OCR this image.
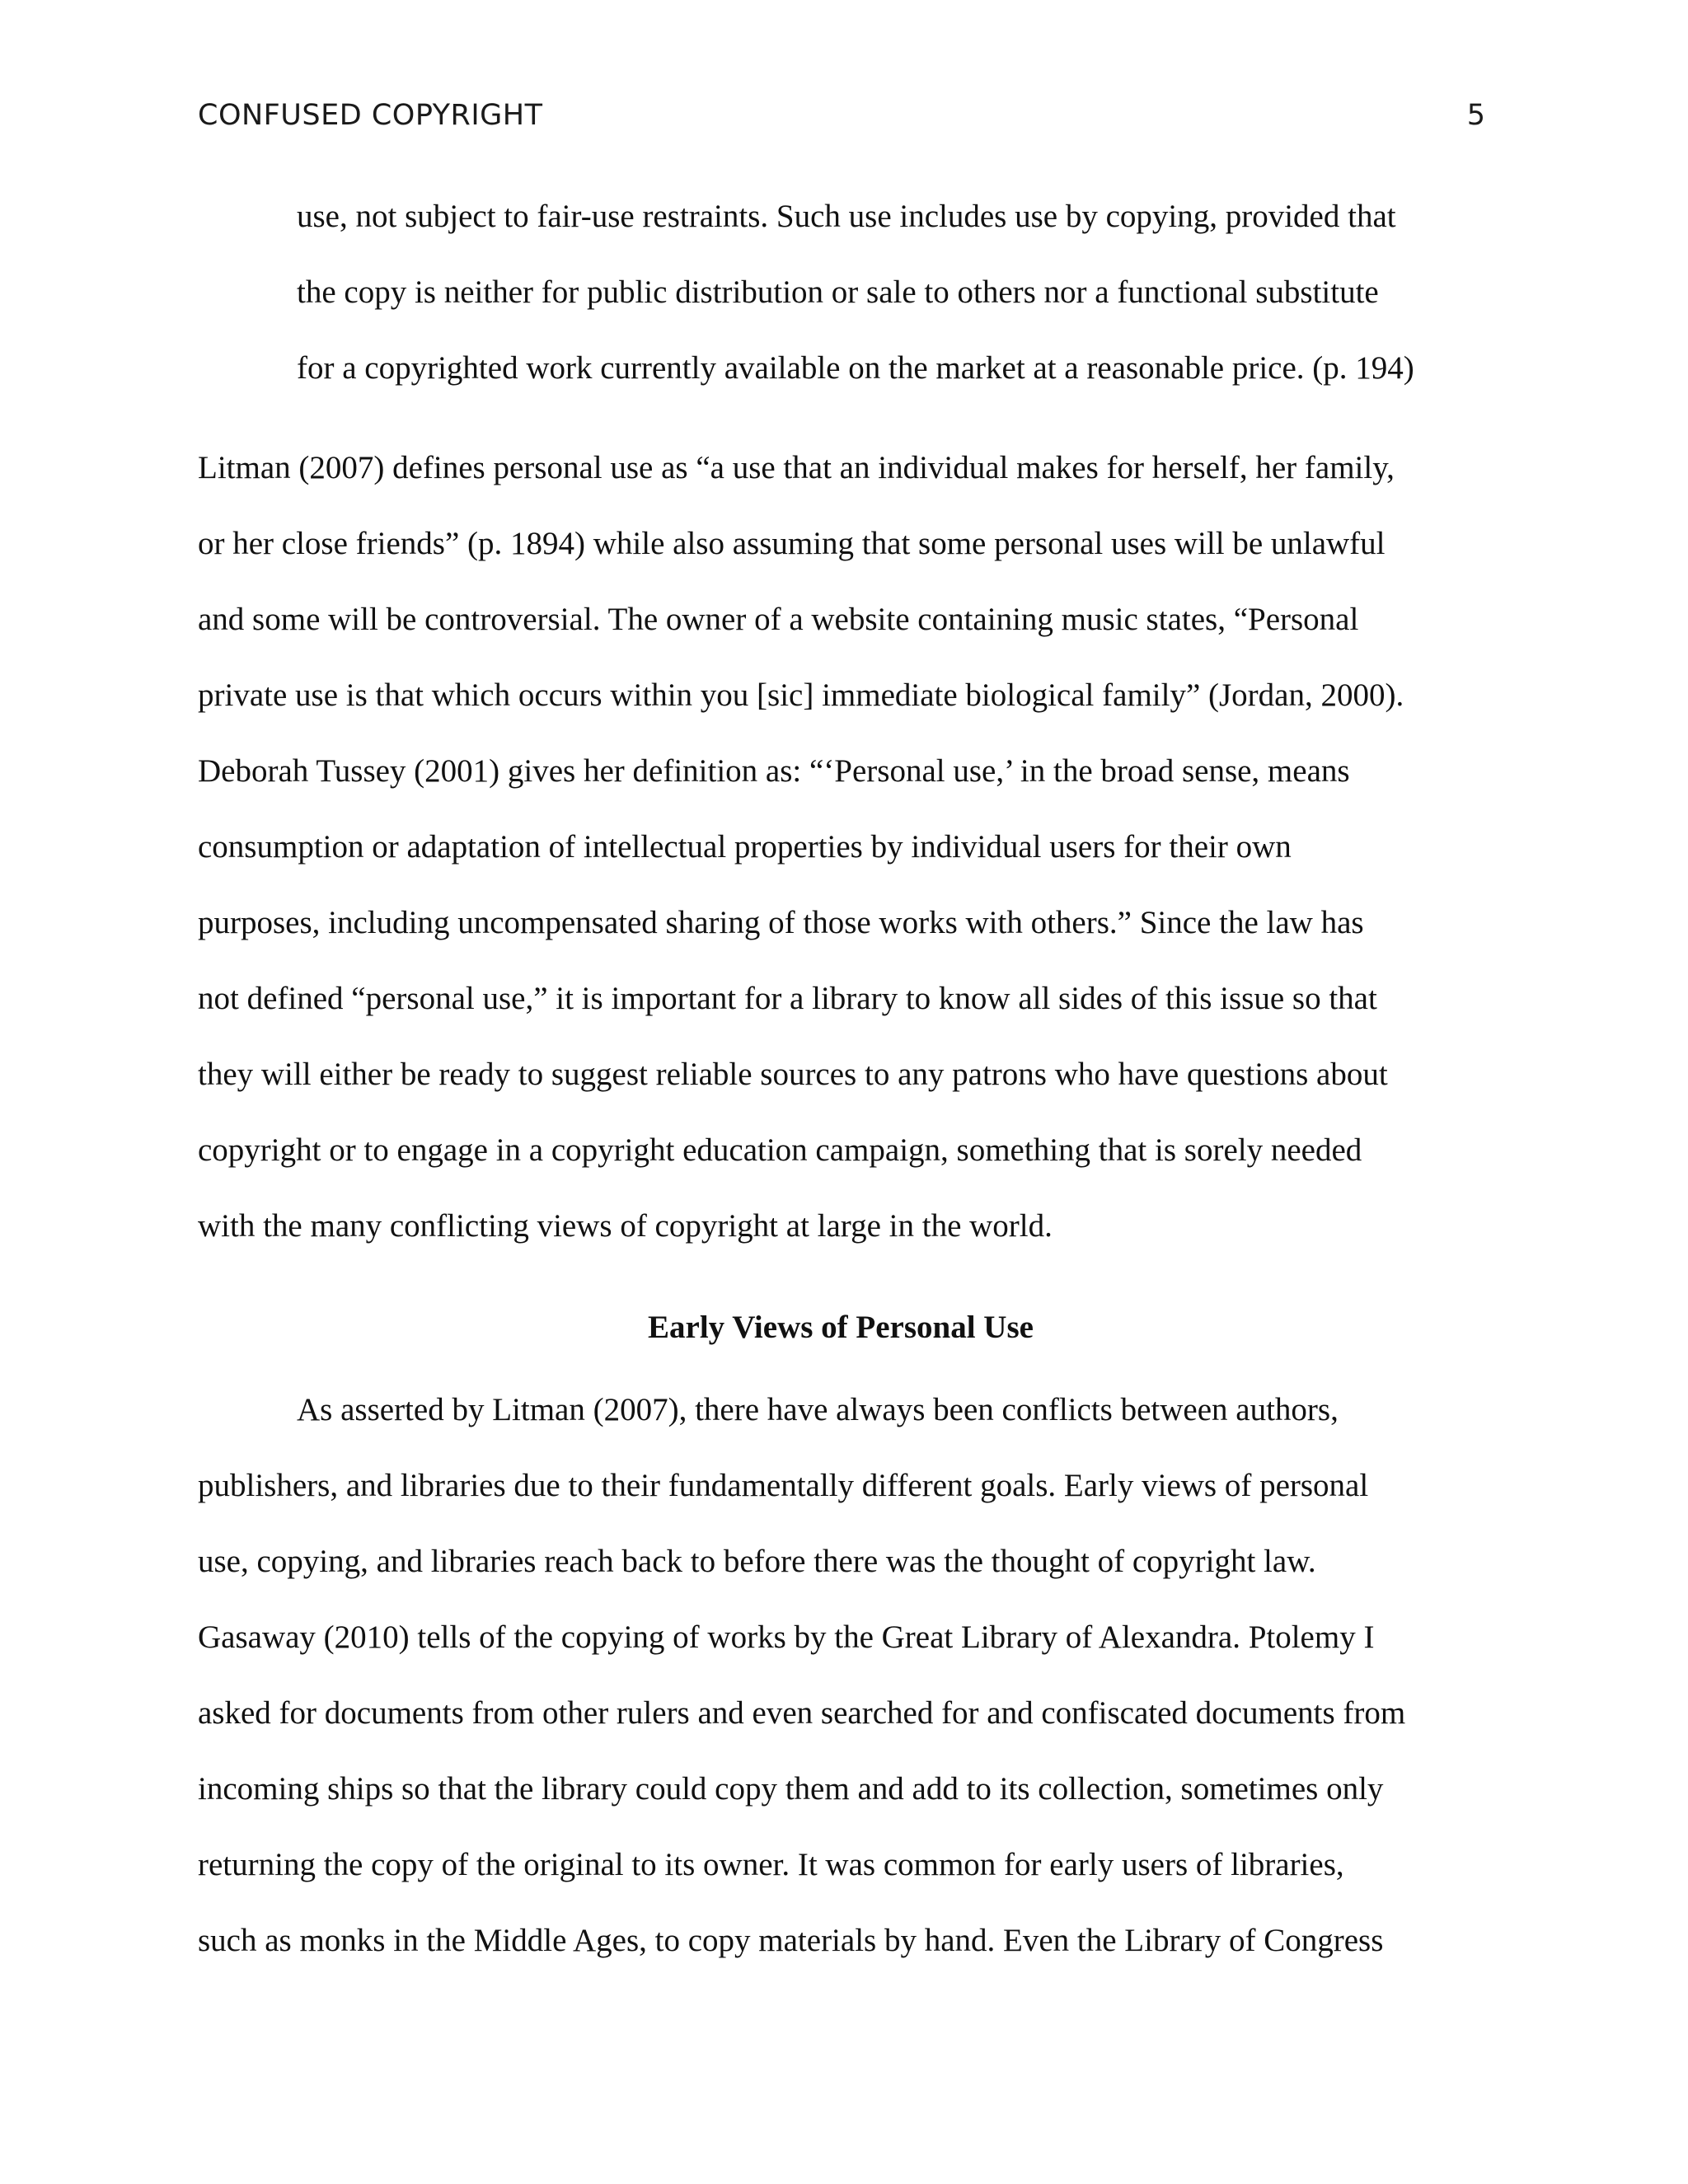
CONFUSED COPYRIGHT	5
use, not subject to fair-use restraints. Such use includes use by copying, provided that
the copy is neither for public distribution or sale to others nor a functional substitute
for a copyrighted work currently available on the market at a reasonable price. (p. 194)
Litman (2007) defines personal use as “a use that an individual makes for herself, her family,
or her close friends” (p. 1894) while also assuming that some personal uses will be unlawful
and some will be controversial. The owner of a website containing music states, “Personal
private use is that which occurs within you [sic] immediate biological family” (Jordan, 2000).
Deborah Tussey (2001) gives her definition as: “‘Personal use,’ in the broad sense, means
consumption or adaptation of intellectual properties by individual users for their own
purposes, including uncompensated sharing of those works with others.” Since the law has
not defined “personal use,” it is important for a library to know all sides of this issue so that
they will either be ready to suggest reliable sources to any patrons who have questions about
copyright or to engage in a copyright education campaign, something that is sorely needed
with the many conflicting views of copyright at large in the world.
Early Views of Personal Use
As asserted by Litman (2007), there have always been conflicts between authors,
publishers, and libraries due to their fundamentally different goals. Early views of personal
use, copying, and libraries reach back to before there was the thought of copyright law.
Gasaway (2010) tells of the copying of works by the Great Library of Alexandra. Ptolemy I
asked for documents from other rulers and even searched for and confiscated documents from
incoming ships so that the library could copy them and add to its collection, sometimes only
returning the copy of the original to its owner. It was common for early users of libraries,
such as monks in the Middle Ages, to copy materials by hand. Even the Library of Congress
